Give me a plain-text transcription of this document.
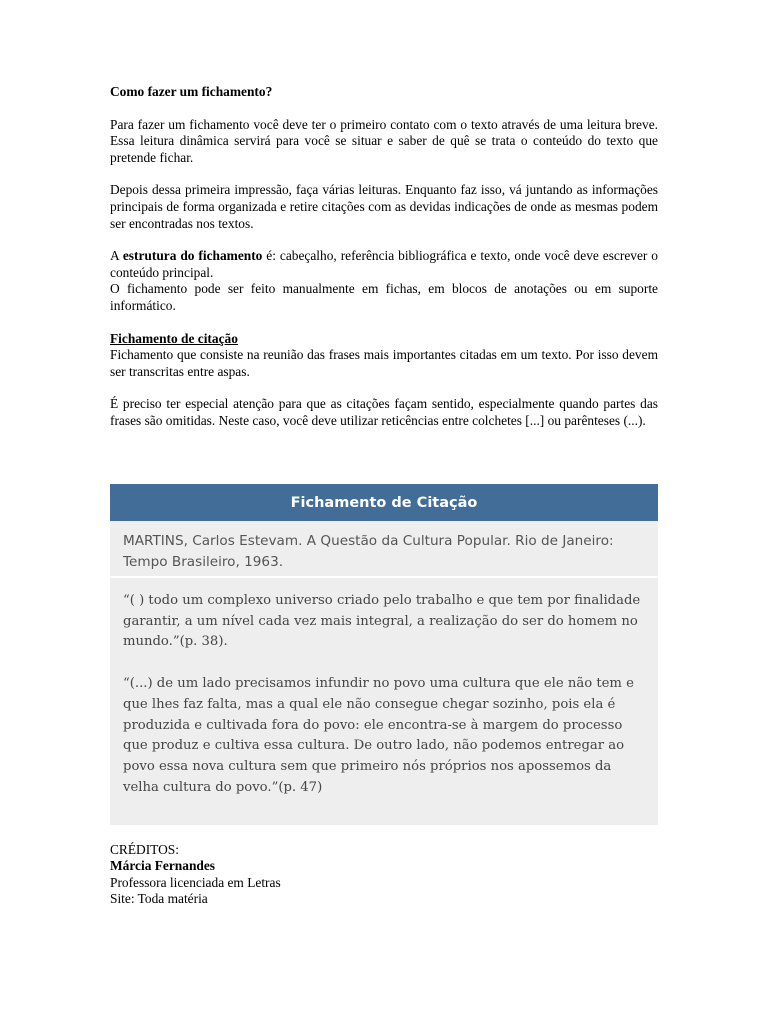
Como fazer um fichamento?

Para fazer um fichamento você deve ter o primeiro contato com o texto através de uma leitura breve. Essa leitura dinâmica servirá para você se situar e saber de quê se trata o conteúdo do texto que pretende fichar.

Depois dessa primeira impressão, faça várias leituras. Enquanto faz isso, vá juntando as informações principais de forma organizada e retire citações com as devidas indicações de onde as mesmas podem ser encontradas nos textos.

A estrutura do fichamento é: cabeçalho, referência bibliográfica e texto, onde você deve escrever o conteúdo principal.

O fichamento pode ser feito manualmente em fichas, em blocos de anotações ou em suporte informático.

Fichamento de citação

Fichamento que consiste na reunião das frases mais importantes citadas em um texto. Por isso devem ser transcritas entre aspas.

É preciso ter especial atenção para que as citações façam sentido, especialmente quando partes das frases são omitidas. Neste caso, você deve utilizar reticências entre colchetes [...] ou parênteses (...).

Fichamento de Citação
MARTINS, Carlos Estevam. A Questão da Cultura Popular. Rio de Janeiro: Tempo Brasileiro, 1963.
“( ) todo um complexo universo criado pelo trabalho e que tem por finalidade garantir, a um nível cada vez mais integral, a realização do ser do homem no mundo.”(p. 38).
“(...) de um lado precisamos infundir no povo uma cultura que ele não tem e que lhes faz falta, mas a qual ele não consegue chegar sozinho, pois ela é produzida e cultivada fora do povo: ele encontra-se à margem do processo que produz e cultiva essa cultura. De outro lado, não podemos entregar ao povo essa nova cultura sem que primeiro nós próprios nos apossemos da velha cultura do povo.”(p. 47)
CRÉDITOS:
Márcia Fernandes
Professora licenciada em Letras
Site: Toda matéria
